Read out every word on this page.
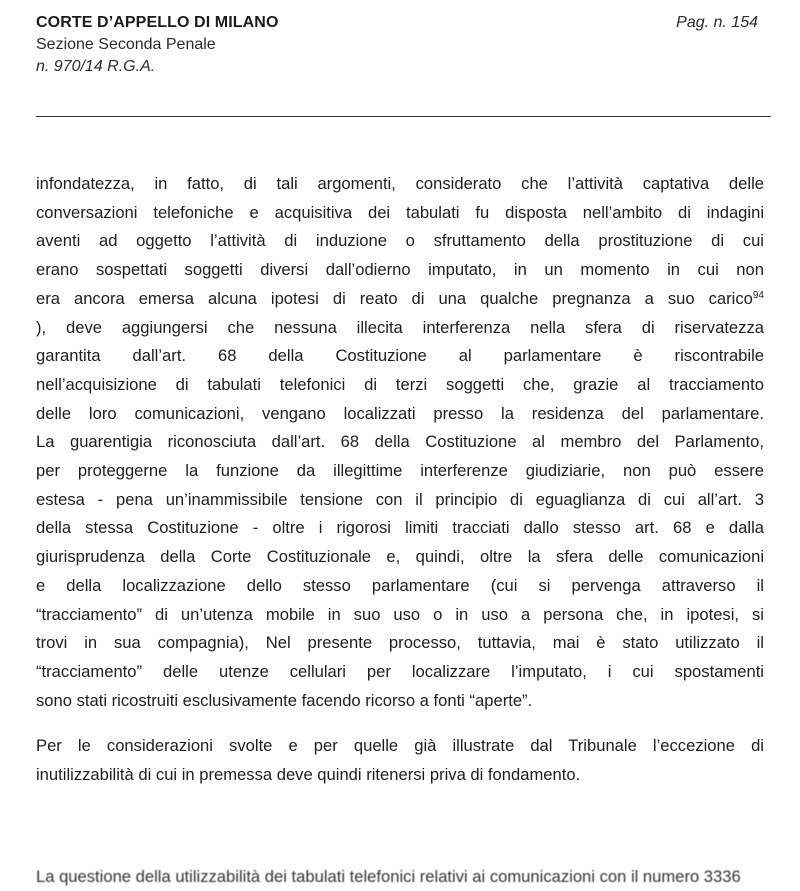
CORTE D’APPELLO DI MILANO
Sezione Seconda Penale
n. 970/14 R.G.A.
Pag. n. 154

infondatezza, in fatto, di tali argomenti, considerato che l’attività captativa delle
conversazioni telefoniche e acquisitiva dei tabulati fu disposta nell’ambito di indagini
aventi ad oggetto l’attività di induzione o sfruttamento della prostituzione di cui
erano sospettati soggetti diversi dall’odierno imputato, in un momento in cui non
era ancora emersa alcuna ipotesi di reato di una qualche pregnanza a suo carico$^{94}$
), deve aggiungersi che nessuna illecita interferenza nella sfera di riservatezza
garantita dall’art. 68 della Costituzione al parlamentare è riscontrabile
nell’acquisizione di tabulati telefonici di terzi soggetti che, grazie al tracciamento
delle loro comunicazioni, vengano localizzati presso la residenza del parlamentare.
La guarentigia riconosciuta dall’art. 68 della Costituzione al membro del Parlamento,
per proteggerne la funzione da illegittime interferenze giudiziarie, non può essere
estesa - pena un’inammissibile tensione con il principio di eguaglianza di cui all’art. 3
della stessa Costituzione - oltre i rigorosi limiti tracciati dallo stesso art. 68 e dalla
giurisprudenza della Corte Costituzionale e, quindi, oltre la sfera delle comunicazioni
e della localizzazione dello stesso parlamentare (cui si pervenga attraverso il
“tracciamento” di un’utenza mobile in suo uso o in uso a persona che, in ipotesi, si
trovi in sua compagnia), Nel presente processo, tuttavia, mai è stato utilizzato il
“tracciamento” delle utenze cellulari per localizzare l’imputato, i cui spostamenti
sono stati ricostruiti esclusivamente facendo ricorso a fonti “aperte”.

Per le considerazioni svolte e per quelle già illustrate dal Tribunale l’eccezione di
inutilizzabilità di cui in premessa deve quindi ritenersi priva di fondamento.

La questione della utilizzabilità dei tabulati telefonici relativi ai comunicazioni con il numero 3336
